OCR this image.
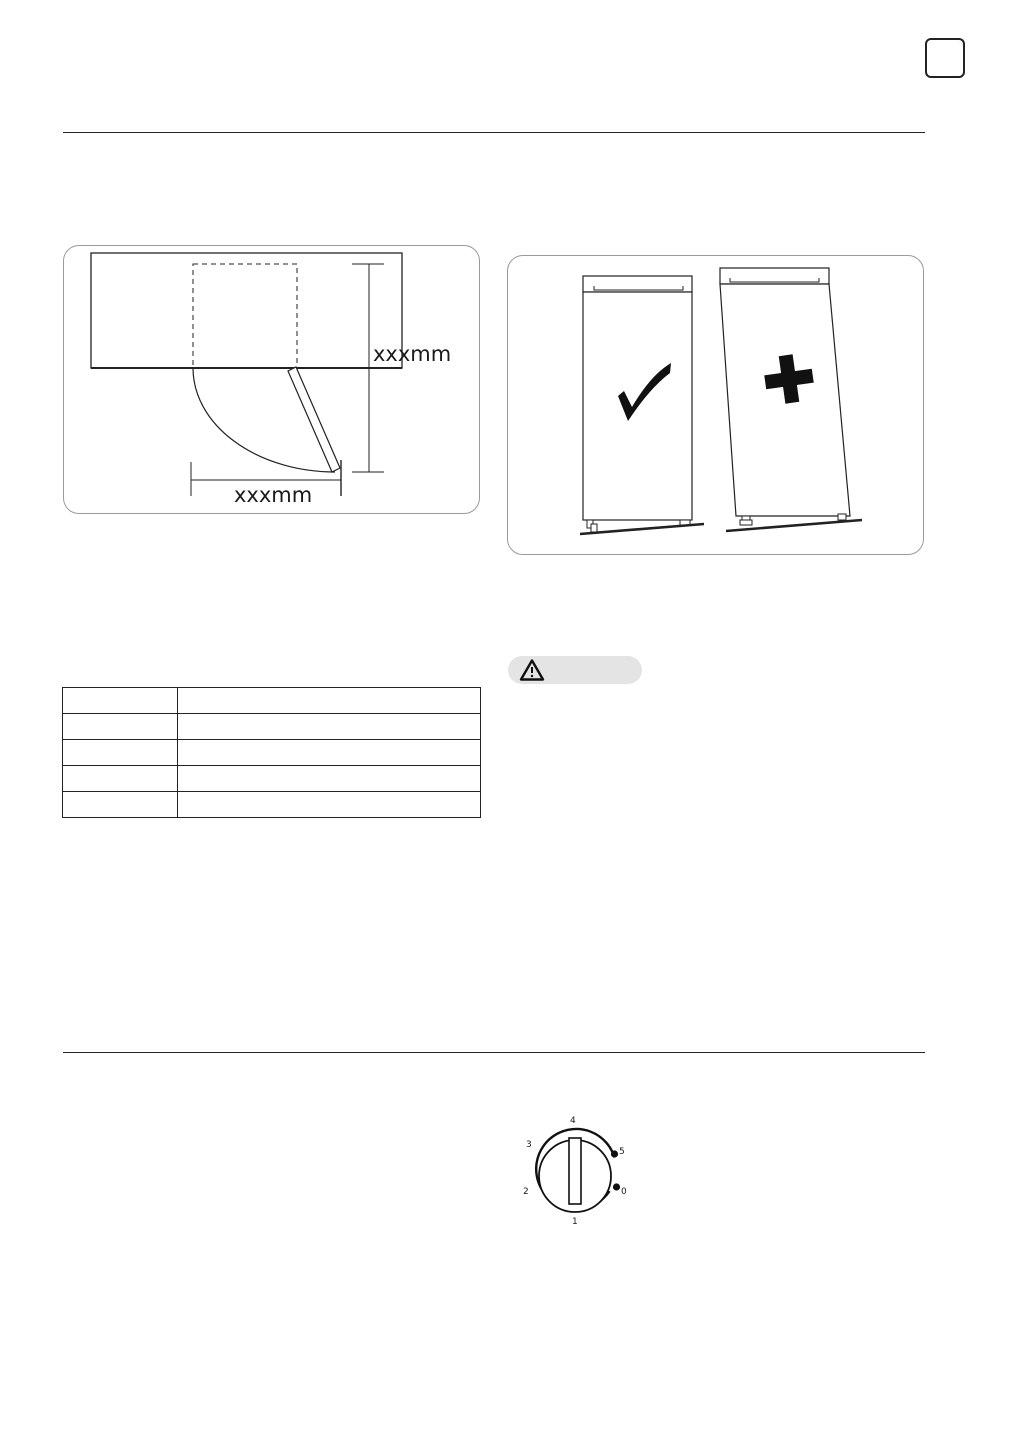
xxxmm
xxxmm

4
3
5
2	0
1
